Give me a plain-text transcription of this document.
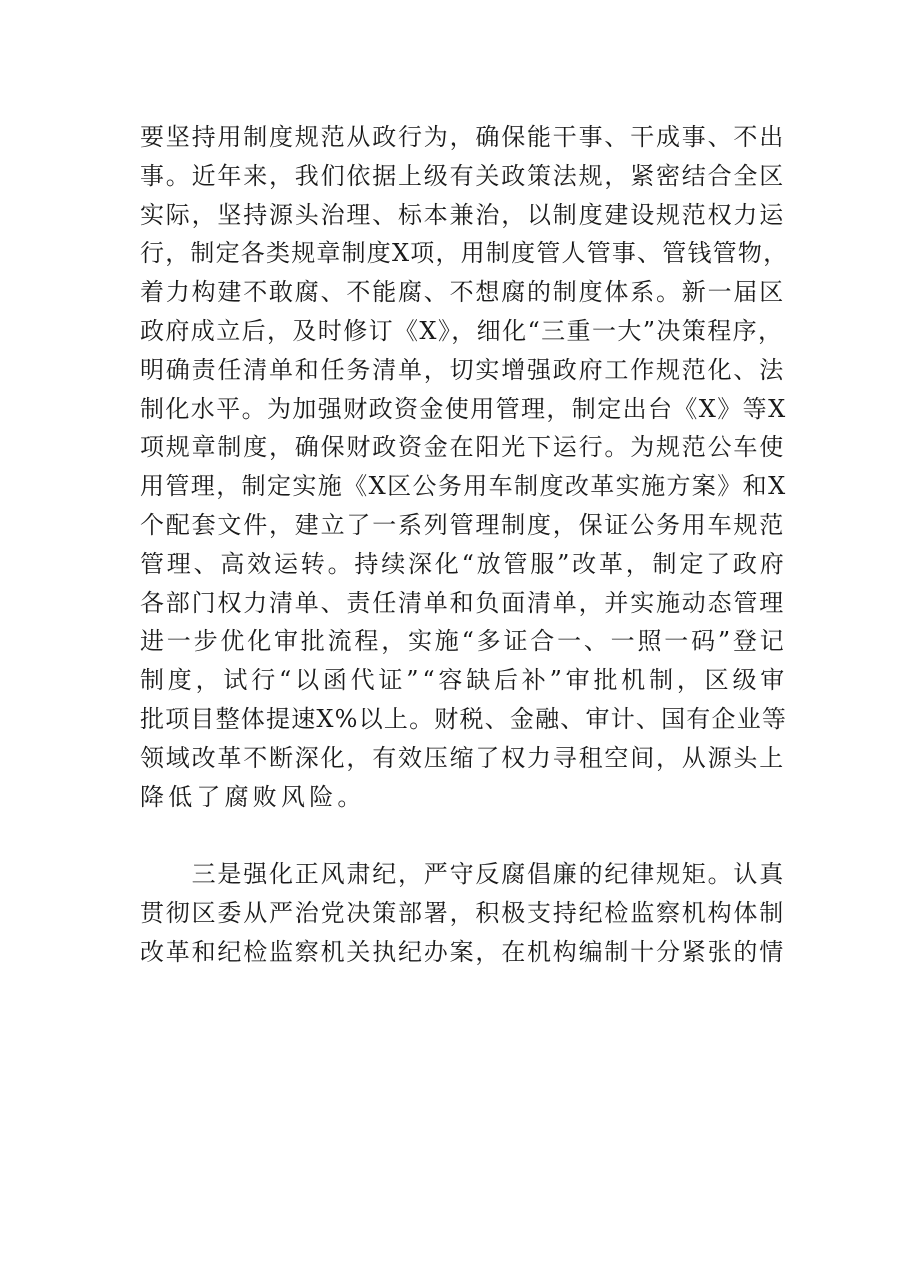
要坚持用制度规范从政行为，确保能干事、干成事、不出
事。近年来，我们依据上级有关政策法规，紧密结合全区
实际，坚持源头治理、标本兼治，以制度建设规范权力运
行，制定各类规章制度X项，用制度管人管事、管钱管物，
着力构建不敢腐、不能腐、不想腐的制度体系。新一届区
政府成立后，及时修订《X》，细化“三重一大”决策程序，
明确责任清单和任务清单，切实增强政府工作规范化、法
制化水平。为加强财政资金使用管理，制定出台《X》等X
项规章制度，确保财政资金在阳光下运行。为规范公车使
用管理，制定实施《X区公务用车制度改革实施方案》和X
个配套文件，建立了一系列管理制度，保证公务用车规范
管理、高效运转。持续深化“放管服”改革，制定了政府
各部门权力清单、责任清单和负面清单，并实施动态管理
进一步优化审批流程，实施“多证合一、一照一码”登记
制度，试行“以函代证”“容缺后补”审批机制，区级审
批项目整体提速X%以上。财税、金融、审计、国有企业等
领域改革不断深化，有效压缩了权力寻租空间，从源头上
降低了腐败风险。
　　三是强化正风肃纪，严守反腐倡廉的纪律规矩。认真
贯彻区委从严治党决策部署，积极支持纪检监察机构体制
改革和纪检监察机关执纪办案，在机构编制十分紧张的情
